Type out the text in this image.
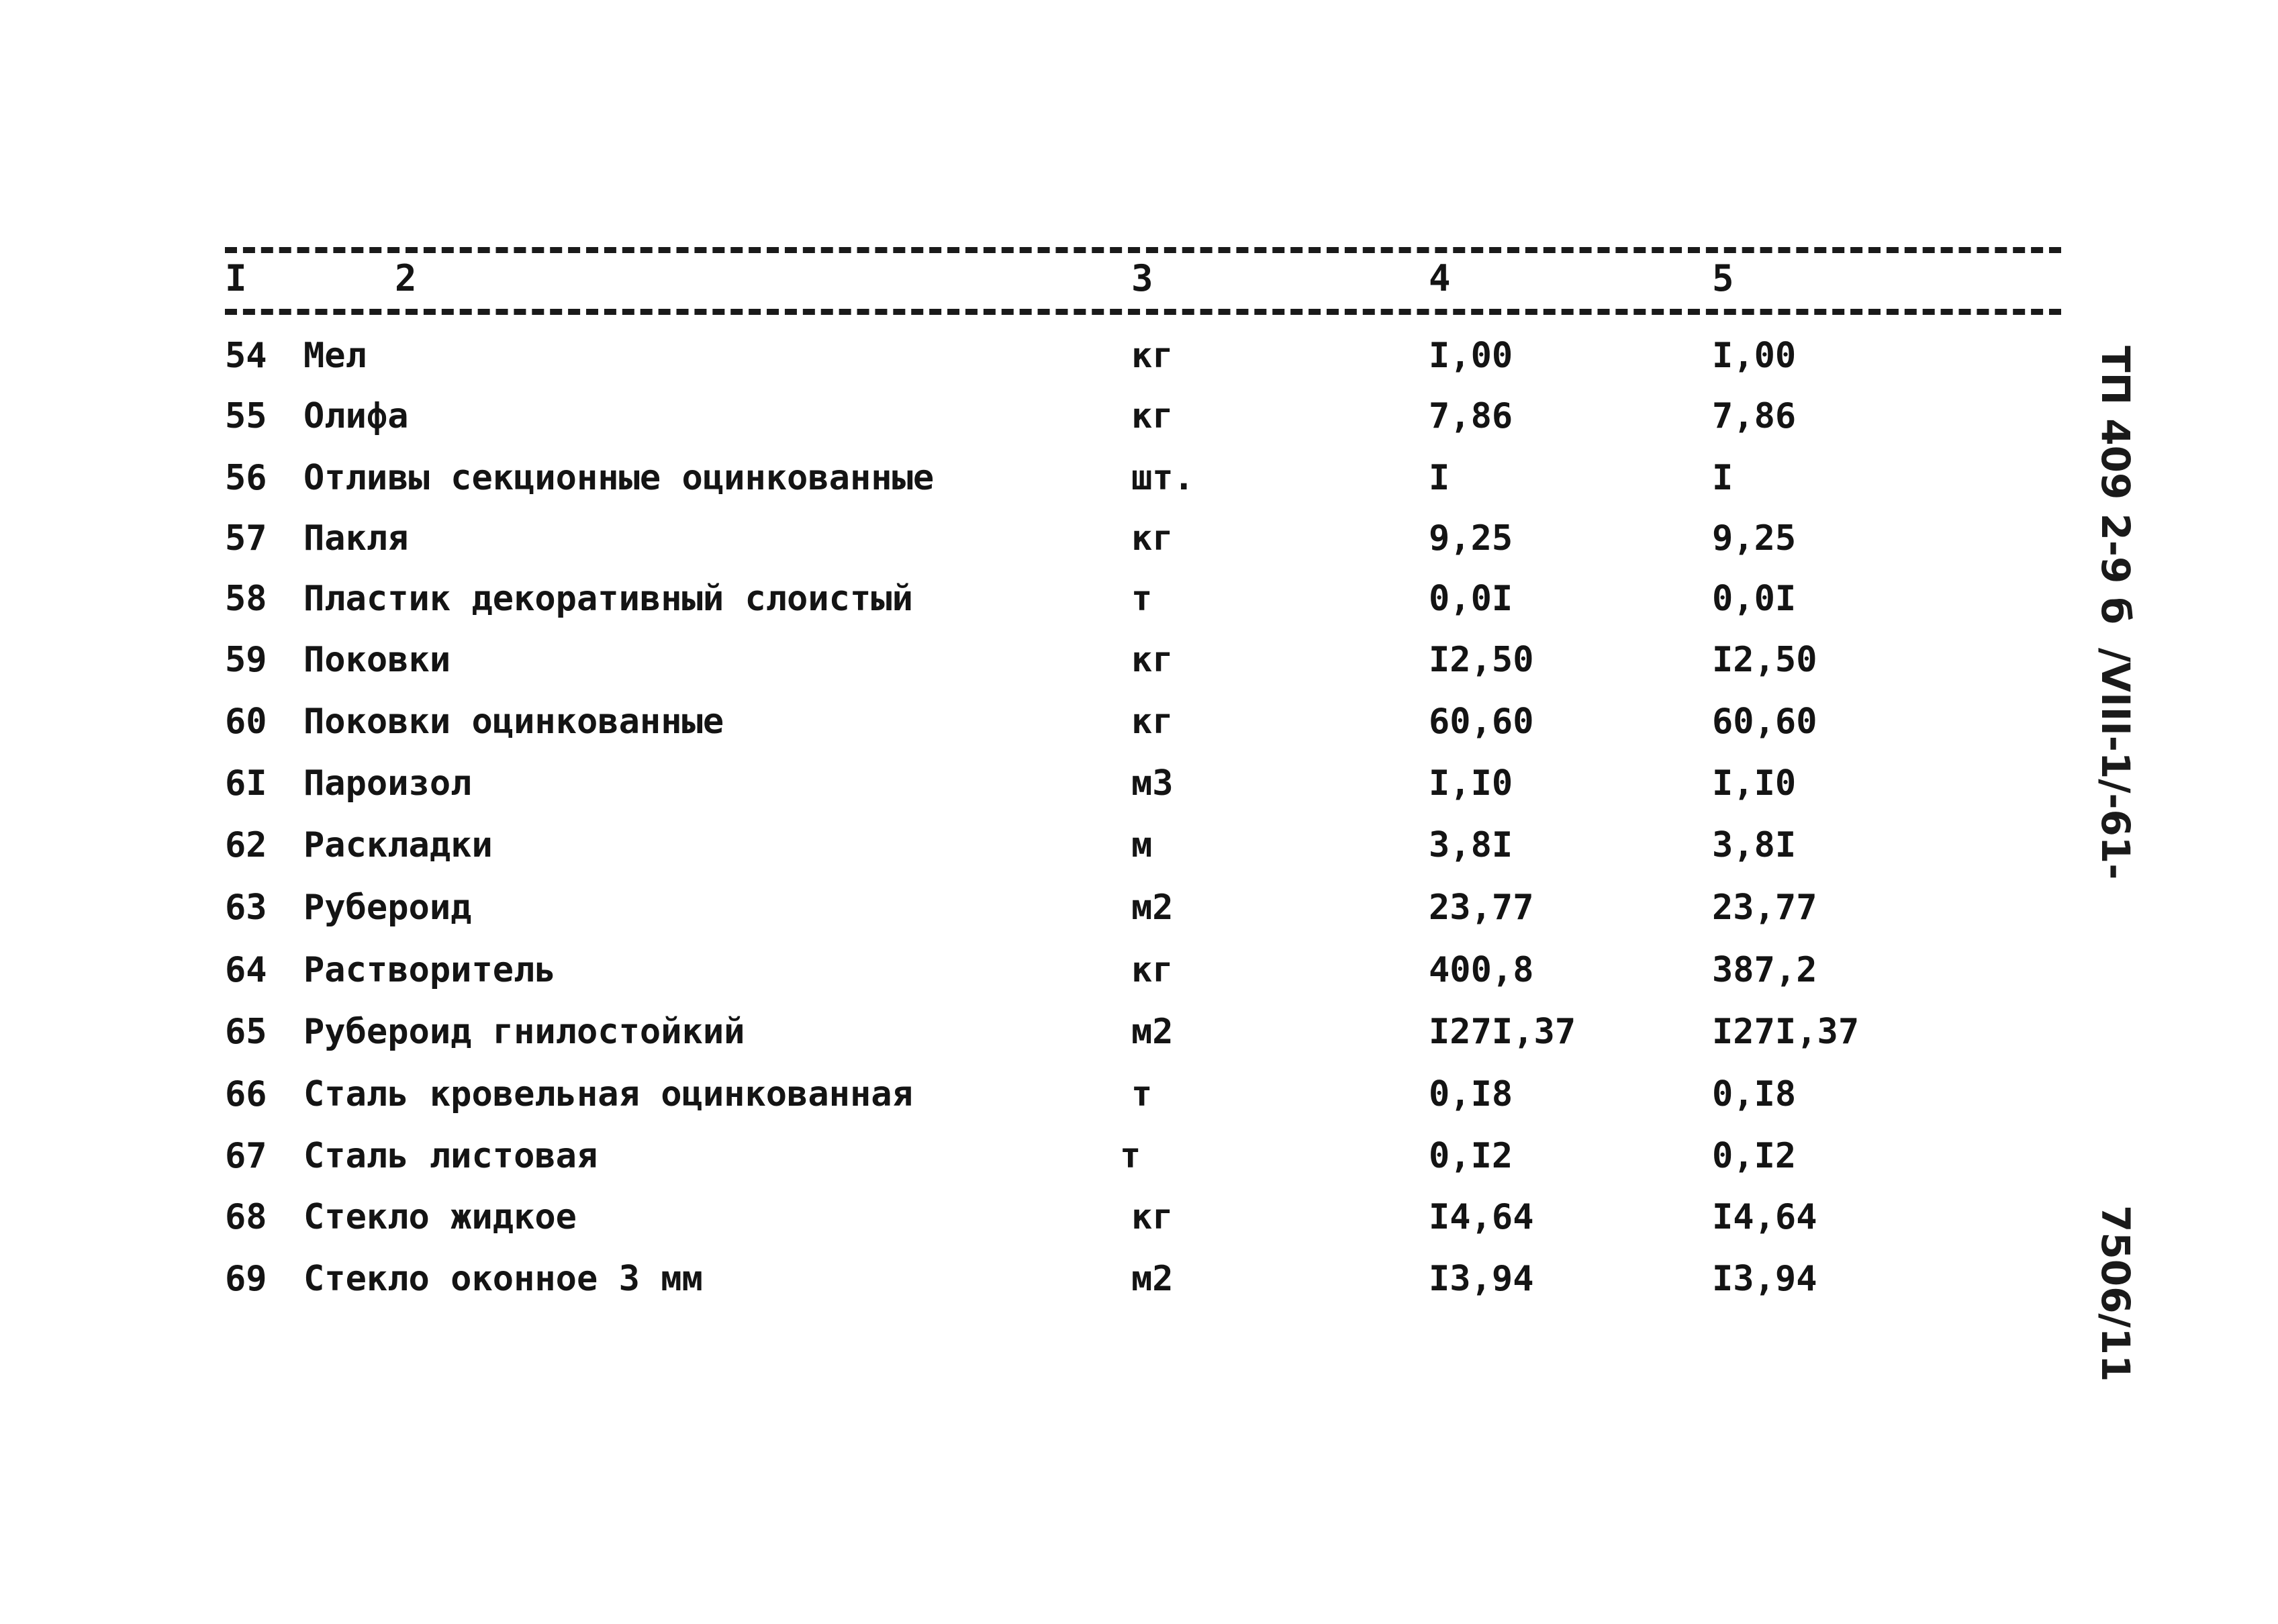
I	2	3	4	5
54 Мел	кг	I,00	I,00
55 Олифа	кг	7,86	7,86
56 Отливы секционные оцинкованные	шт.	I	I
57 Пакля	кг	9,25	9,25
58 Пластик декоративный слоистый	т	0,0I	0,0I
59 Поковки	кг	I2,50	I2,50
60 Поковки оцинкованные	кг	60,60	60,60
6I Пароизол	м3	I,I0	I,I0
62 Раскладки	м	3,8I	3,8I
63 Рубероид	м2	23,77	23,77
64 Растворитель	кг	400,8	387,2
65 Рубероид гнилостойкий	м2	I27I,37	I27I,37
66 Сталь кровельная оцинкованная	т	0,I8	0,I8
67 Сталь листовая	т	0,I2	0,I2
68 Стекло жидкое	кг	I4,64	I4,64
69 Стекло оконное 3 мм	м2	I3,94	I3,94
ТП 409 2-9 б
/VIII-1/-61-
7506/11
